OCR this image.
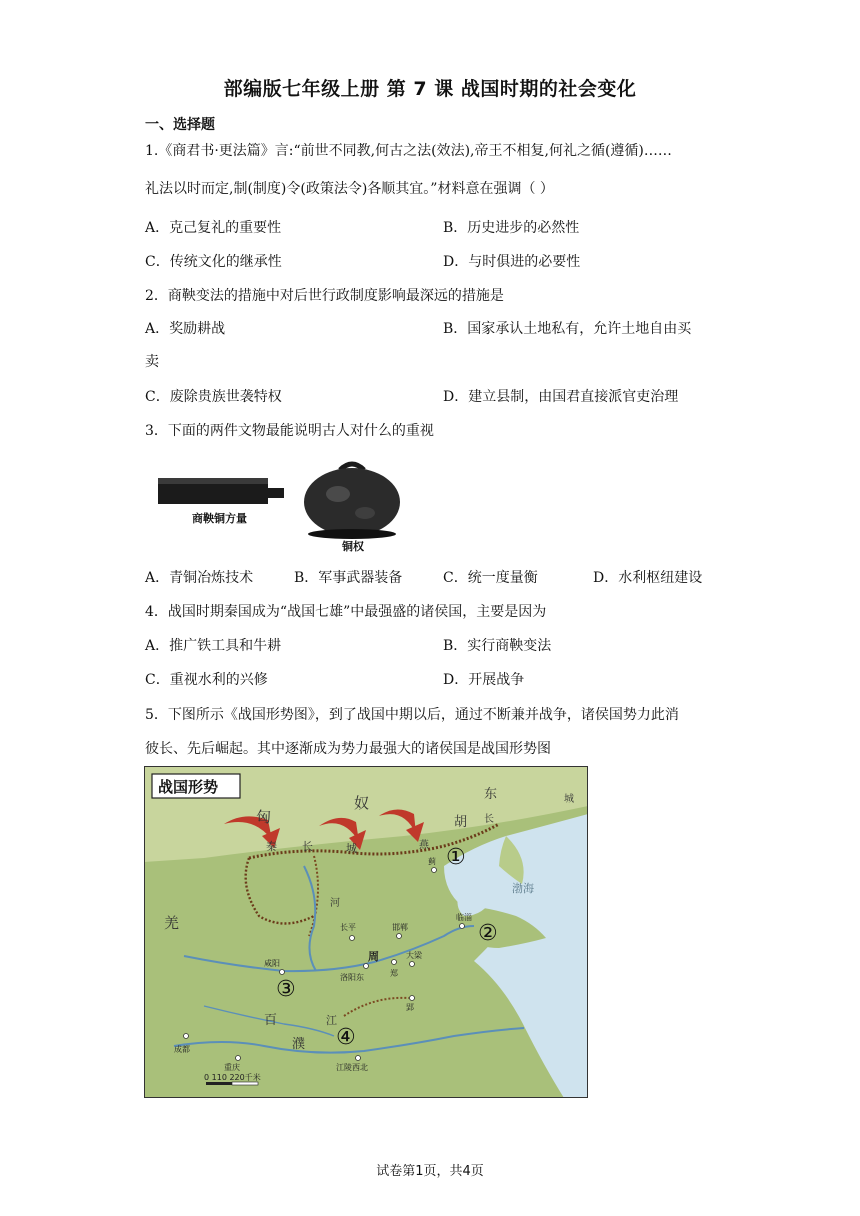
部编版七年级上册 第 7 课 战国时期的社会变化
一、选择题
1.《商君书·更法篇》言:“前世不同教,何古之法(效法),帝王不相复,何礼之循(遵循)……
礼法以时而定,制(制度)令(政策法令)各顺其宜。”材料意在强调（ ）
A．克己复礼的重要性	B．历史进步的必然性
C．传统文化的继承性	D．与时俱进的必要性
2．商鞅变法的措施中对后世行政制度影响最深远的措施是
A．奖励耕战	B．国家承认土地私有，允许土地自由买
卖
C．废除贵族世袭特权	D．建立县制，由国君直接派官吏治理
3．下面的两件文物最能说明古人对什么的重视
商鞅铜方量
铜权
A．青铜冶炼技术	B．军事武器装备	C．统一度量衡	D．水利枢纽建设
4．战国时期秦国成为“战国七雄”中最强盛的诸侯国，主要是因为
A．推广铁工具和牛耕	B．实行商鞅变法
C．重视水利的兴修	D．开展战争
5．下图所示《战国形势图》，到了战国中期以后，通过不断兼并战争，诸侯国势力此消
彼长、先后崛起。其中逐渐成为势力最强大的诸侯国是战国形势图
战国形势
匈
奴	东
胡
秦 长	城	燕
长
城
羌
百
濮
江
河
渤海
蓟
邯郸
长平
咸阳
洛阳东
周
郑
大梁
临淄
郢
重庆	江陵西北
成都
①
②
③
④
0 110 220千米
试卷第1页，共4页
